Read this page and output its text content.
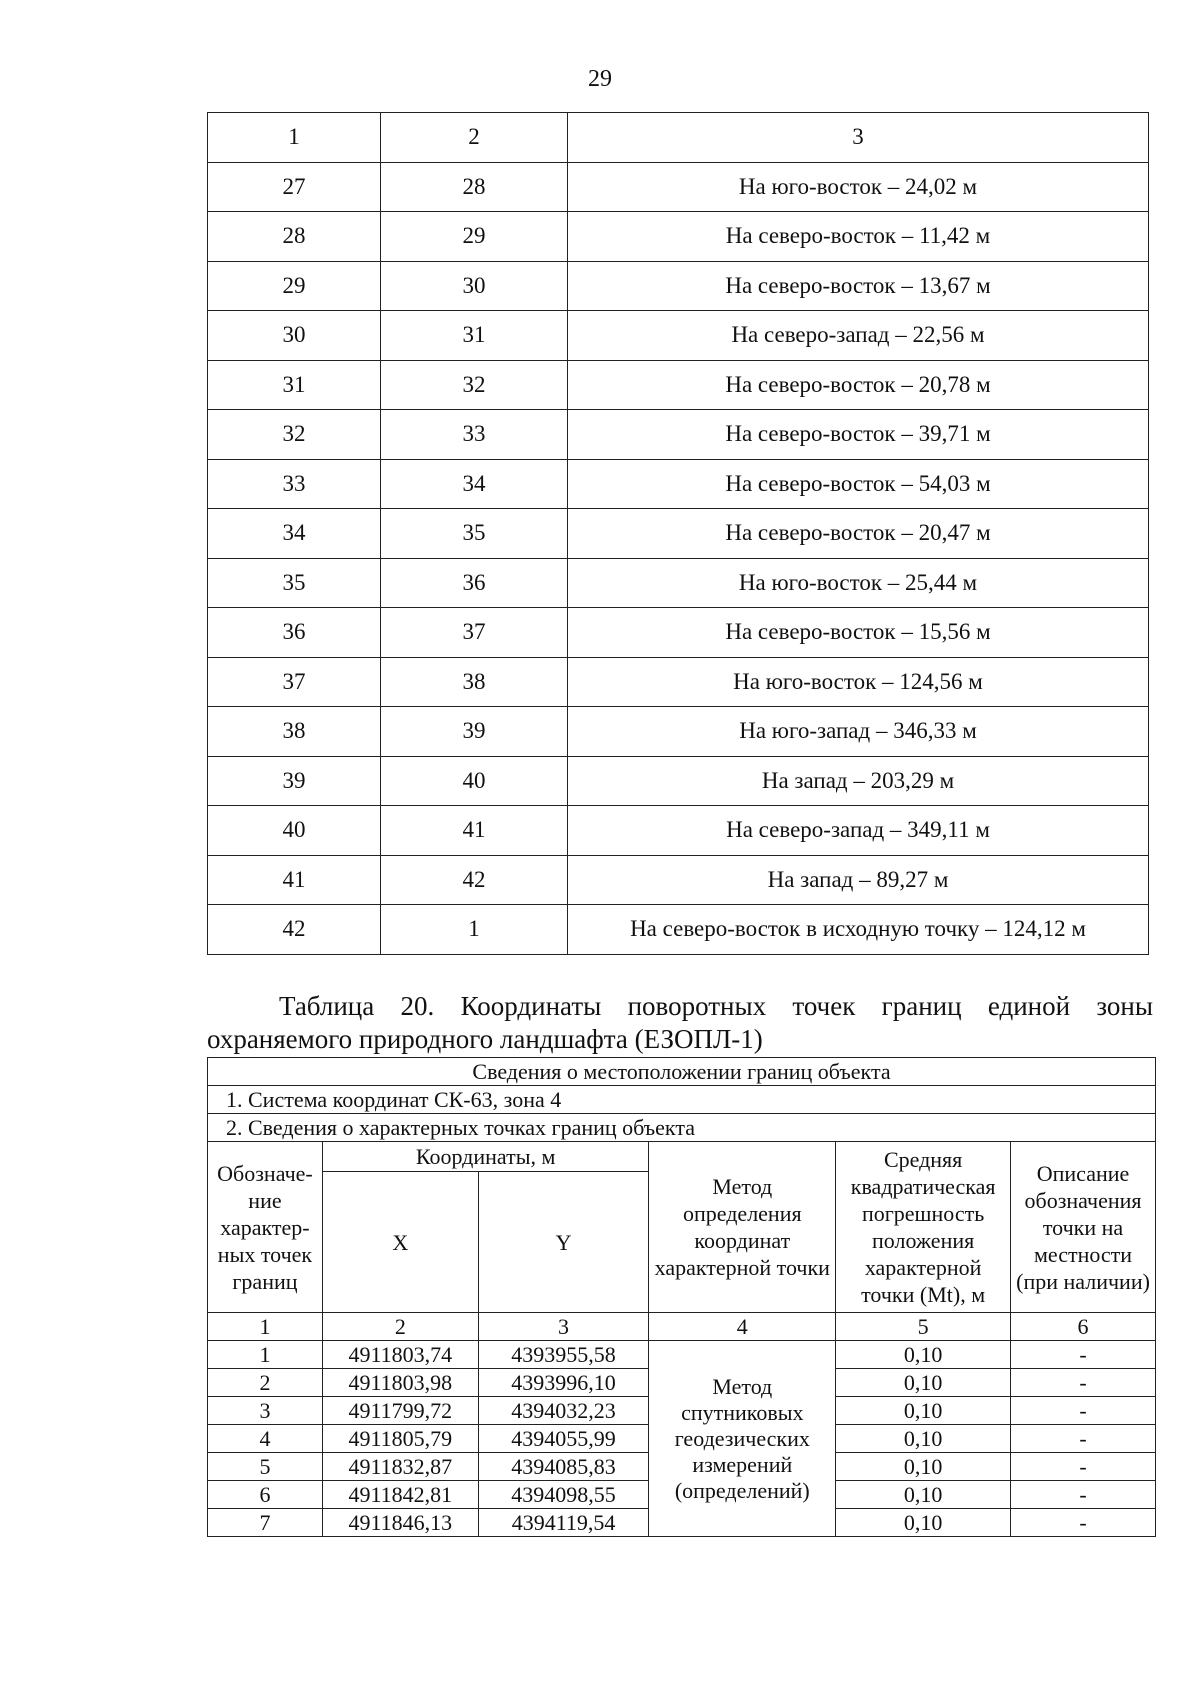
29
1	2	3
27	28	На юго-восток – 24,02 м
28	29	На северо-восток – 11,42 м
29	30	На северо-восток – 13,67 м
30	31	На северо-запад – 22,56 м
31	32	На северо-восток – 20,78 м
32	33	На северо-восток – 39,71 м
33	34	На северо-восток – 54,03 м
34	35	На северо-восток – 20,47 м
35	36	На юго-восток – 25,44 м
36	37	На северо-восток – 15,56 м
37	38	На юго-восток – 124,56 м
38	39	На юго-запад – 346,33 м
39	40	На запад – 203,29 м
40	41	На северо-запад – 349,11 м
41	42	На запад – 89,27 м
42	1	На северо-восток в исходную точку – 124,12 м
Таблица 20. Координаты поворотных точек границ единой зоны
охраняемого природного ландшафта (ЕЗОПЛ-1)
Сведения о местоположении границ объекта					
1. Система координат СК-63, зона 4					
2. Сведения о характерных точках границ объекта					
Обозначе-ние характер-ных точек границ	Координаты, м		Метод определения координат характерной точки	Средняя квадратическая погрешность положения характерной точки (Mt), м	Описание обозначения точки на местности (при наличии)
	X	Y			
1	2	3	4	5	6
1	4911803,74	4393955,58	Метод спутниковых геодезических измерений (определений)	0,10	-
2	4911803,98	4393996,10		0,10	-
3	4911799,72	4394032,23		0,10	-
4	4911805,79	4394055,99		0,10	-
5	4911832,87	4394085,83		0,10	-
6	4911842,81	4394098,55		0,10	-
7	4911846,13	4394119,54		0,10	-
